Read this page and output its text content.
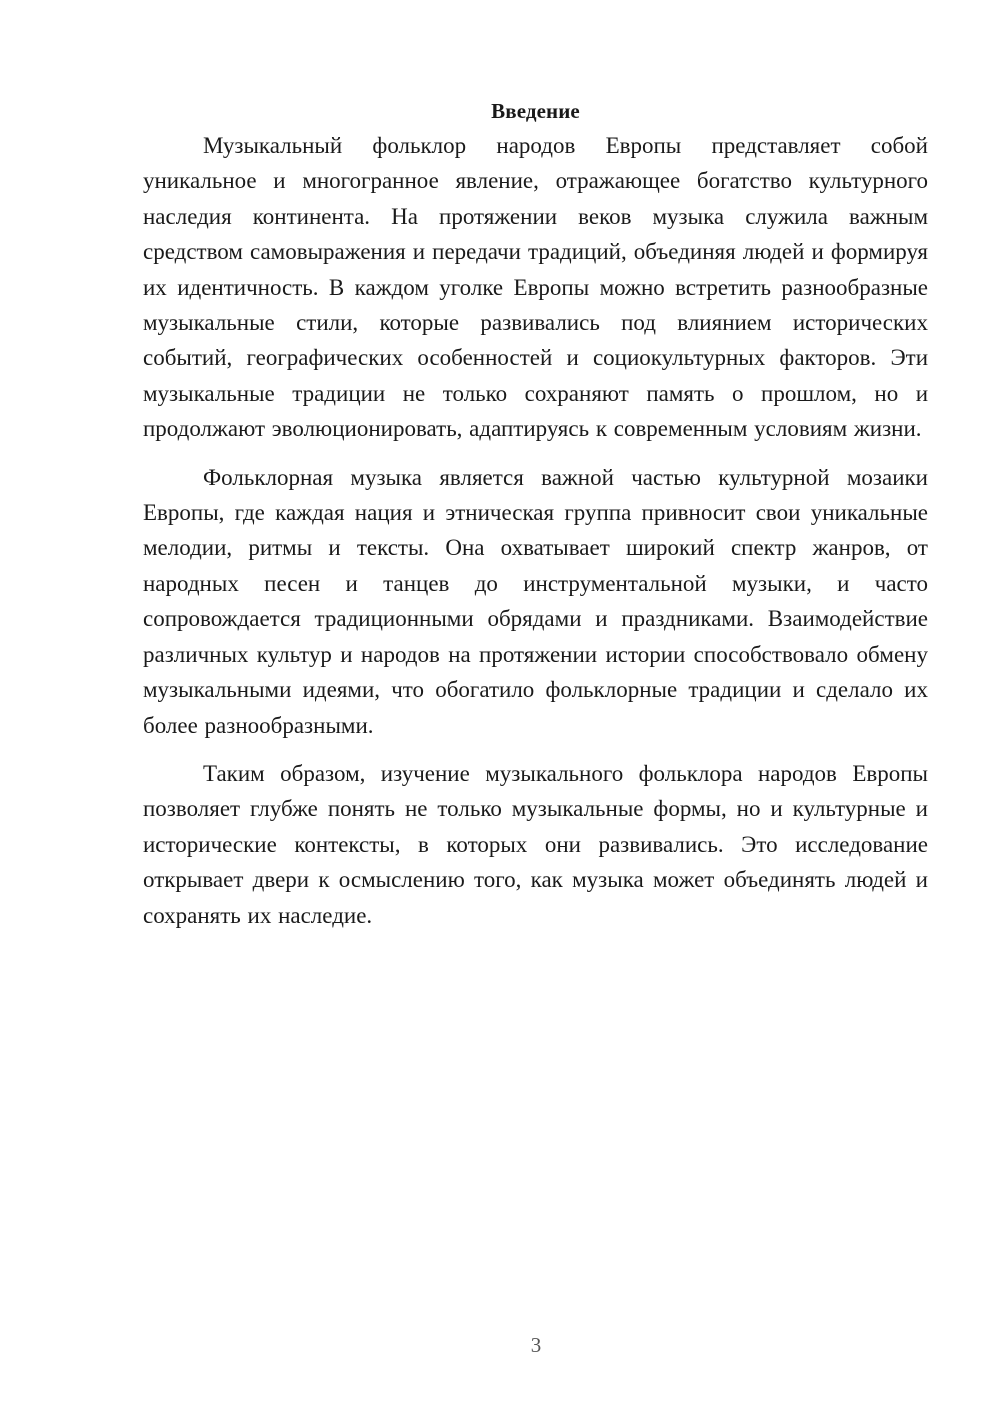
Введение

Музыкальный фольклор народов Европы представляет собой уникальное и многогранное явление, отражающее богатство культурного наследия континента. На протяжении веков музыка служила важным средством самовыражения и передачи традиций, объединяя людей и формируя их идентичность. В каждом уголке Европы можно встретить разнообразные музыкальные стили, которые развивались под влиянием исторических событий, географических особенностей и социокультурных факторов. Эти музыкальные традиции не только сохраняют память о прошлом, но и продолжают эволюционировать, адаптируясь к современным условиям жизни.

Фольклорная музыка является важной частью культурной мозаики Европы, где каждая нация и этническая группа привносит свои уникальные мелодии, ритмы и тексты. Она охватывает широкий спектр жанров, от народных песен и танцев до инструментальной музыки, и часто сопровождается традиционными обрядами и праздниками. Взаимодействие различных культур и народов на протяжении истории способствовало обмену музыкальными идеями, что обогатило фольклорные традиции и сделало их более разнообразными.

Таким образом, изучение музыкального фольклора народов Европы позволяет глубже понять не только музыкальные формы, но и культурные и исторические контексты, в которых они развивались. Это исследование открывает двери к осмыслению того, как музыка может объединять людей и сохранять их наследие.

3
